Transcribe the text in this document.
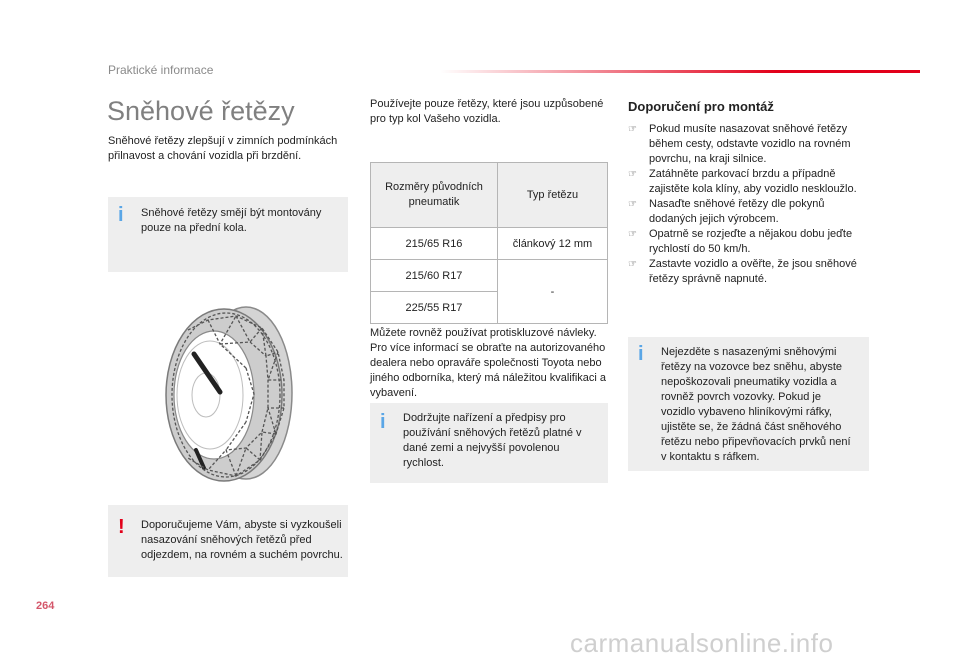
Praktické informace
Sněhové řetězy

Sněhové řetězy zlepšují v zimních podmínkách přilnavost a chování vozidla při brzdění.

i Sněhové řetězy smějí být montovány pouze na přední kola.
! Doporučujeme Vám, abyste si vyzkoušeli nasazování sněhových řetězů před odjezdem, na rovném a suchém povrchu.

Používejte pouze řetězy, které jsou uzpůsobené pro typ kol Vašeho vozidla.

Rozměry původních pneumatik	Typ řetězu
215/65 R16	článkový 12 mm
215/60 R17	-
225/55 R17	

Můžete rovněž používat protiskluzové návleky. Pro více informací se obraťte na autorizovaného dealera nebo opraváře společnosti Toyota nebo jiného odborníka, který má náležitou kvalifikaci a vybavení.

i Dodržujte nařízení a předpisy pro používání sněhových řetězů platné v dané zemi a nejvyšší povolenou rychlost.
Doporučení pro montáž
☞ Pokud musíte nasazovat sněhové řetězy během cesty, odstavte vozidlo na rovném povrchu, na kraji silnice.
☞ Zatáhněte parkovací brzdu a případně zajistěte kola klíny, aby vozidlo neskloužlo.
☞ Nasaďte sněhové řetězy dle pokynů dodaných jejich výrobcem.
☞ Opatrně se rozjeďte a nějakou dobu jeďte rychlostí do 50 km/h.
☞ Zastavte vozidlo a ověřte, že jsou sněhové řetězy správně napnuté.
i Nejezděte s nasazenými sněhovými řetězy na vozovce bez sněhu, abyste nepoškozovali pneumatiky vozidla a rovněž povrch vozovky. Pokud je vozidlo vybaveno hliníkovými ráfky, ujistěte se, že žádná část sněhového řetězu nebo připevňovacích prvků není v kontaktu s ráfkem.
264
carmanualsonline.info
